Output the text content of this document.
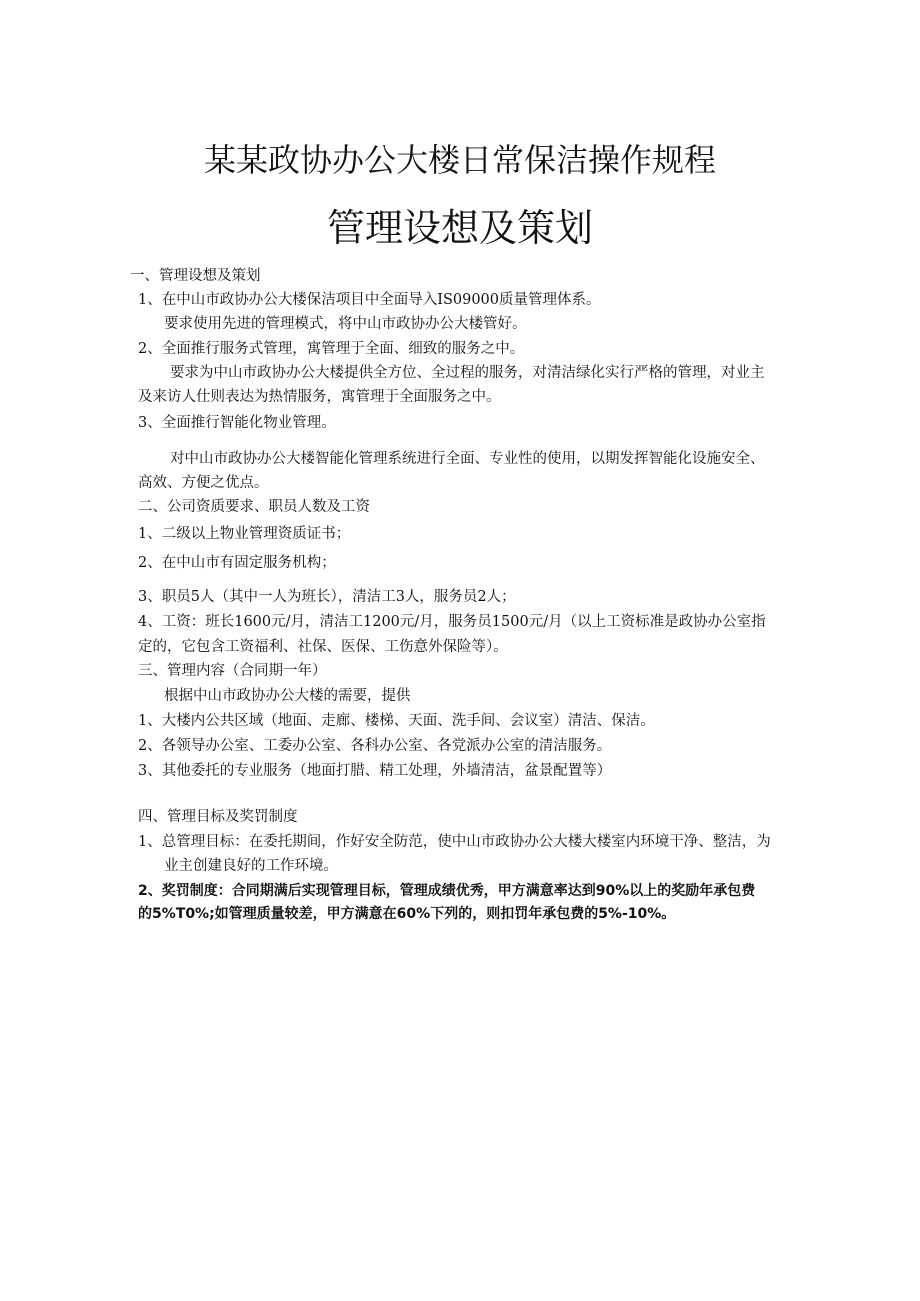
某某政协办公大楼日常保洁操作规程
管理设想及策划
一、管理设想及策划
1、在中山市政协办公大楼保洁项目中全面导入IS09000质量管理体系。
要求使用先进的管理模式，将中山市政协办公大楼管好。
2、全面推行服务式管理，寓管理于全面、细致的服务之中。
要求为中山市政协办公大楼提供全方位、全过程的服务，对清洁绿化实行严格的管理，对业主
及来访人仕则表达为热情服务，寓管理于全面服务之中。
3、全面推行智能化物业管理。
对中山市政协办公大楼智能化管理系统进行全面、专业性的使用，以期发挥智能化设施安全、
高效、方便之优点。
二、公司资质要求、职员人数及工资
1、二级以上物业管理资质证书；
2、在中山市有固定服务机构；
3、职员5人（其中一人为班长），清洁工3人，服务员2人；
4、工资：班长1600元/月，清洁工1200元/月，服务员1500元/月（以上工资标准是政协办公室指
定的，它包含工资福利、社保、医保、工伤意外保险等）。
三、管理内容（合同期一年）
根据中山市政协办公大楼的需要，提供
1、大楼内公共区域（地面、走廊、楼梯、天面、洗手间、会议室）清洁、保洁。
2、各领导办公室、工委办公室、各科办公室、各党派办公室的清洁服务。
3、其他委托的专业服务（地面打腊、精工处理，外墙清洁，盆景配置等）
四、管理目标及奖罚制度
1、总管理目标：在委托期间，作好安全防范，使中山市政协办公大楼大楼室内环境干净、整洁，为
业主创建良好的工作环境。
2、奖罚制度：合同期满后实现管理目标，管理成绩优秀，甲方满意率达到90%以上的奖励年承包费
的5%T0%;如管理质量较差，甲方满意在60%下列的，则扣罚年承包费的5%-10%。
